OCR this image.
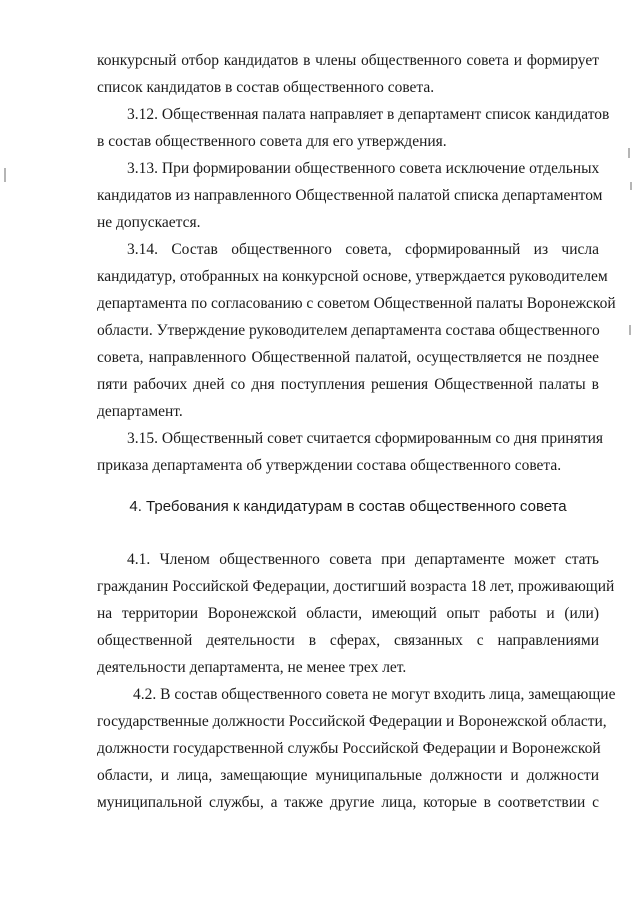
конкурсный отбор кандидатов в члены общественного совета и формирует
список кандидатов в состав общественного совета.
3.12. Общественная палата направляет в департамент список кандидатов
в состав общественного совета для его утверждения.
3.13. При формировании общественного совета исключение отдельных
кандидатов из направленного Общественной палатой списка департаментом
не допускается.
3.14. Состав общественного совета, сформированный из числа
кандидатур, отобранных на конкурсной основе, утверждается руководителем
департамента по согласованию с советом Общественной палаты Воронежской
области. Утверждение руководителем департамента состава общественного
совета, направленного Общественной палатой, осуществляется не позднее
пяти рабочих дней со дня поступления решения Общественной палаты в
департамент.
3.15. Общественный совет считается сформированным со дня принятия
приказа департамента об утверждении состава общественного совета.
4. Требования к кандидатурам в состав общественного совета
4.1. Членом общественного совета при департаменте может стать
гражданин Российской Федерации, достигший возраста 18 лет, проживающий
на территории Воронежской области, имеющий опыт работы и (или)
общественной деятельности в сферах, связанных с направлениями
деятельности департамента, не менее трех лет.
4.2. В состав общественного совета не могут входить лица, замещающие
государственные должности Российской Федерации и Воронежской области,
должности государственной службы Российской Федерации и Воронежской
области, и лица, замещающие муниципальные должности и должности
муниципальной службы, а также другие лица, которые в соответствии с
